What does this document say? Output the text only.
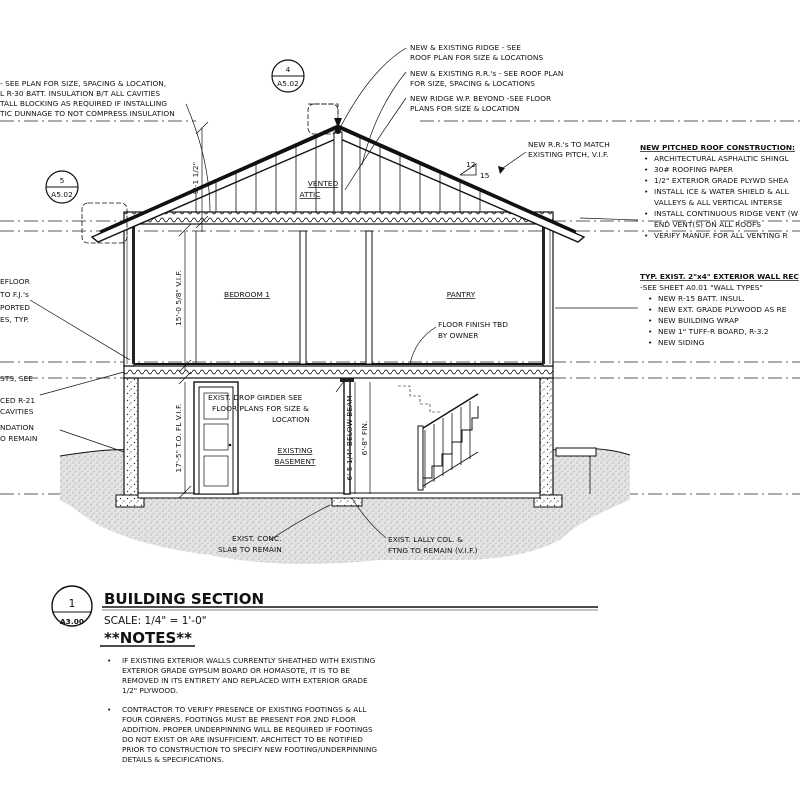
NEW & EXISTING RIDGE - SEE
ROOF PLAN FOR SIZE & LOCATIONS
NEW & EXISTING R.R.'s - SEE ROOF PLAN
FOR SIZE, SPACING & LOCATIONS
NEW RIDGE W.P. BEYOND -SEE FLOOR
PLANS FOR SIZE & LOCATION
- SEE PLAN FOR SIZE, SPACING & LOCATION,
L R-30 BATT. INSULATION B/T ALL CAVITIES
TALL BLOCKING AS REQUIRED IF INSTALLING
TIC DUNNAGE TO NOT COMPRESS INSULATION
NEW R.R.'s TO MATCH
EXISTING PITCH, V.I.F.
NEW PITCHED ROOF CONSTRUCTION:
• ARCHITECTURAL ASPHALTIC SHINGL
• 30# ROOFING PAPER
• 1/2" EXTERIOR GRADE PLYWD SHEA
• INSTALL ICE & WATER SHIELD & ALL
VALLEYS & ALL VERTICAL INTERSE
• INSTALL CONTINUOUS RIDGE VENT (W
END VENT(S) ON ALL ROOFS
• VERIFY MANUF. FOR ALL VENTING R
TYP. EXIST. 2"x4" EXTERIOR WALL REC
-SEE SHEET A0.01 "WALL TYPES"
• NEW R-15 BATT. INSUL.
• NEW EXT. GRADE PLYWOOD AS RE
• NEW BUILDING WRAP
• NEW 1" TUFF-R BOARD, R-3.2
• NEW SIDING
EFLOOR
TO F.J.'s
PORTED
ES, TYP.
STS, SEE
CED R-21
CAVITIES
NDATION
O REMAIN
VENTED
ATTIC
BEDROOM 1	PANTRY
FLOOR FINISH TBD
BY OWNER
EXIST. DROP GIRDER SEE
FLOOR PLANS FOR SIZE &
LOCATION
EXISTING
BASEMENT
EXIST. CONC.
SLAB TO REMAIN
EXIST. LALLY COL. &
FTNG TO REMAIN (V.I.F.)
12
15
9'-1 1/2"
15'-0 5/8" V.I.F.
17'-5" T.O. FL V.I.F.	6'-5 1/4" BELOW BEAM 6'-8" FIN.
4
A5.02
5
A5.02
1
A3.00
BUILDING SECTION
SCALE: 1/4" = 1'-0"
**NOTES**
• IF EXISTING EXTERIOR WALLS CURRENTLY SHEATHED WITH EXISTING
EXTERIOR GRADE GYPSUM BOARD OR HOMASOTE, IT IS TO BE
REMOVED IN ITS ENTIRETY AND REPLACED WITH EXTERIOR GRADE
1/2" PLYWOOD.
• CONTRACTOR TO VERIFY PRESENCE OF EXISTING FOOTINGS & ALL
FOUR CORNERS. FOOTINGS MUST BE PRESENT FOR 2ND FLOOR
ADDITION. PROPER UNDERPINNING WILL BE REQUIRED IF FOOTINGS
DO NOT EXIST OR ARE INSUFFICIENT. ARCHITECT TO BE NOTIFIED
PRIOR TO CONSTRUCTION TO SPECIFY NEW FOOTING/UNDERPINNING
DETAILS & SPECIFICATIONS.
